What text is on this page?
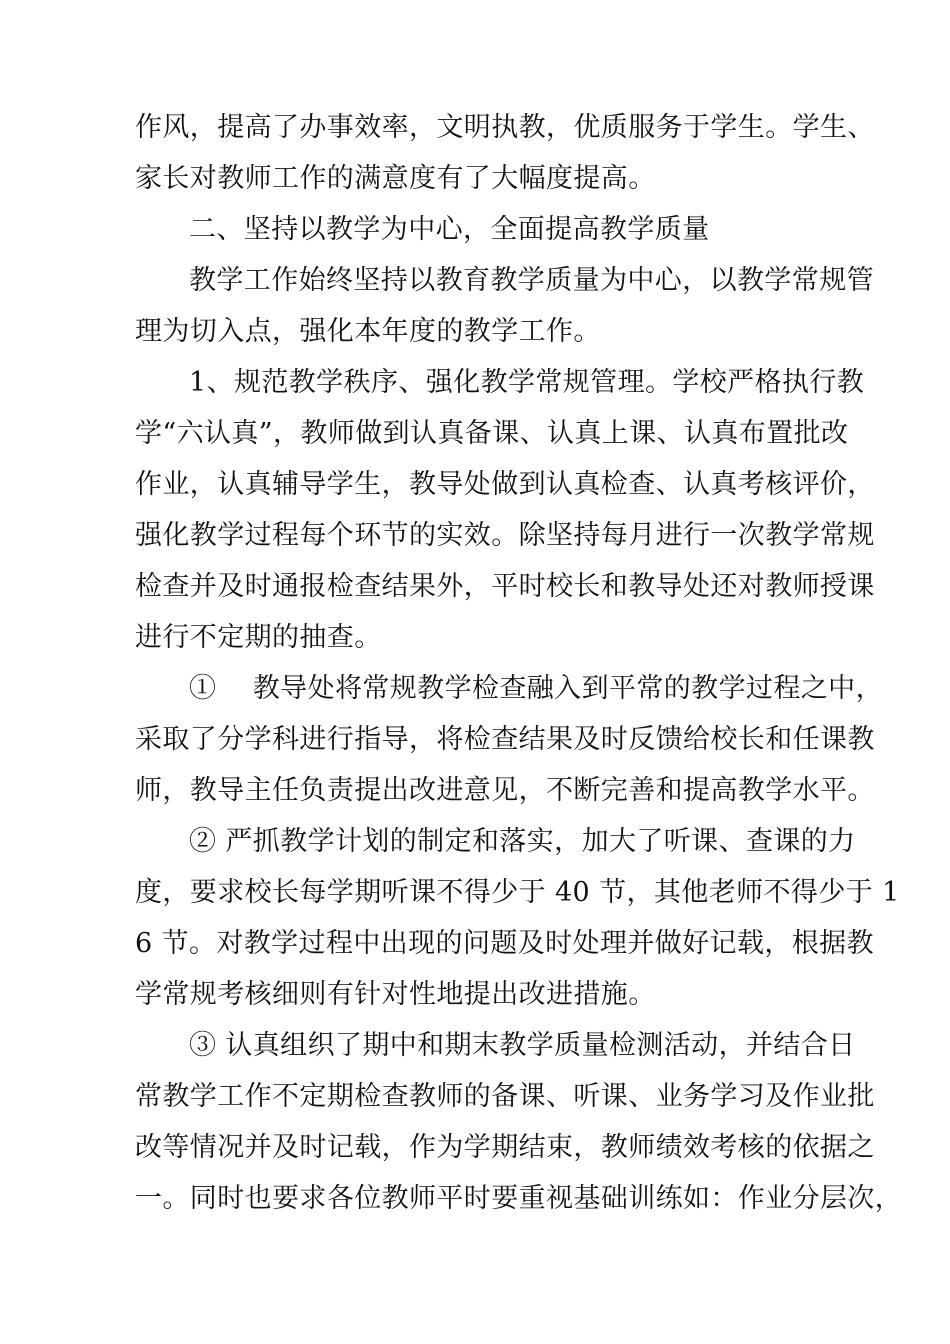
作风，提高了办事效率，文明执教，优质服务于学生。学生、
家长对教师工作的满意度有了大幅度提高。
二、坚持以教学为中心，全面提高教学质量
教学工作始终坚持以教育教学质量为中心，以教学常规管
理为切入点，强化本年度的教学工作。
1、规范教学秩序、强化教学常规管理。学校严格执行教
学“六认真”，教师做到认真备课、认真上课、认真布置批改
作业，认真辅导学生，教导处做到认真检查、认真考核评价，
强化教学过程每个环节的实效。除坚持每月进行一次教学常规
检查并及时通报检查结果外，平时校长和教导处还对教师授课
进行不定期的抽查。
①　 教导处将常规教学检查融入到平常的教学过程之中，
采取了分学科进行指导，将检查结果及时反馈给校长和任课教
师，教导主任负责提出改进意见，不断完善和提高教学水平。
② 严抓教学计划的制定和落实，加大了听课、查课的力
度，要求校长每学期听课不得少于 40 节，其他老师不得少于 1
6 节。对教学过程中出现的问题及时处理并做好记载，根据教
学常规考核细则有针对性地提出改进措施。
③ 认真组织了期中和期末教学质量检测活动，并结合日
常教学工作不定期检查教师的备课、听课、业务学习及作业批
改等情况并及时记载，作为学期结束，教师绩效考核的依据之
一。同时也要求各位教师平时要重视基础训练如：作业分层次，
